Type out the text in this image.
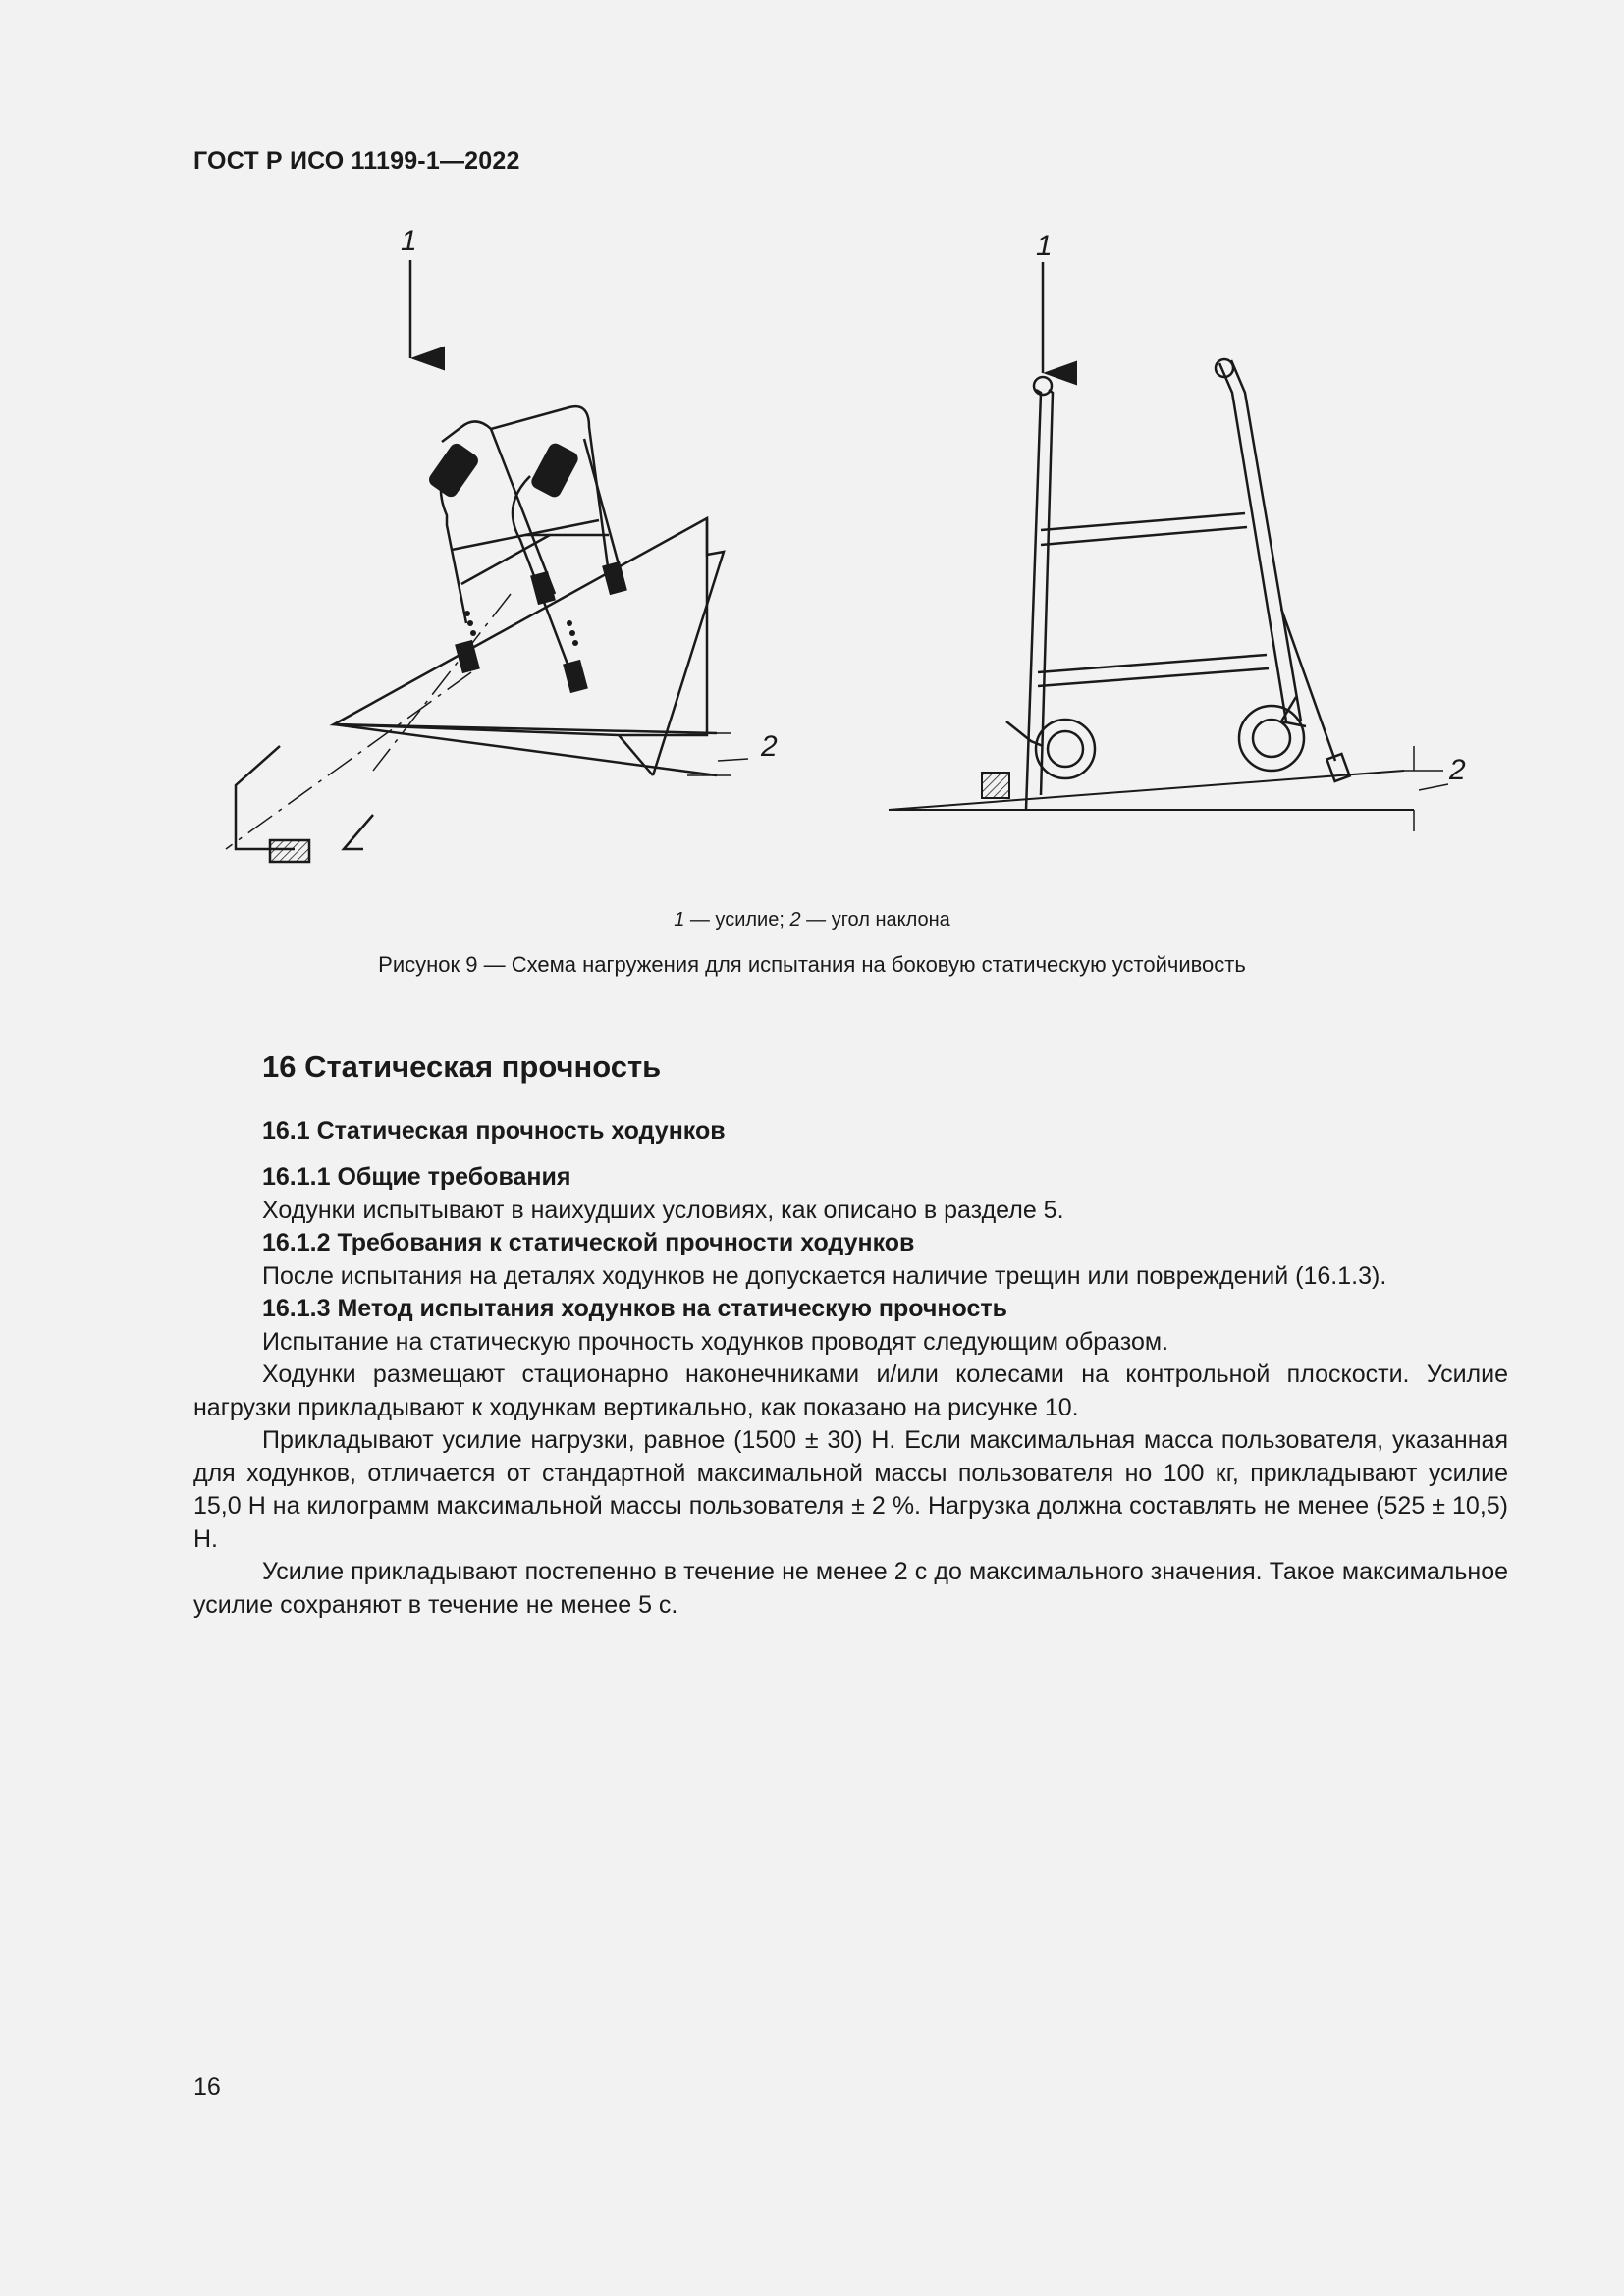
ГОСТ Р ИСО 11199-1—2022
1
2
1
2
1 — усилие; 2 — угол наклона
Рисунок 9 — Схема нагружения для испытания на боковую статическую устойчивость
16 Статическая прочность
16.1 Статическая прочность ходунков
16.1.1 Общие требования
Ходунки испытывают в наихудших условиях, как описано в разделе 5.
16.1.2 Требования к статической прочности ходунков
После испытания на деталях ходунков не допускается наличие трещин или повреждений (16.1.3).
16.1.3 Метод испытания ходунков на статическую прочность
Испытание на статическую прочность ходунков проводят следующим образом.
Ходунки размещают стационарно наконечниками и/или колесами на контрольной плоскости. Усилие нагрузки прикладывают к ходункам вертикально, как показано на рисунке 10.
Прикладывают усилие нагрузки, равное (1500 ± 30) Н. Если максимальная масса пользователя, указанная для ходунков, отличается от стандартной максимальной массы пользователя но 100 кг, прикладывают усилие 15,0 Н на килограмм максимальной массы пользователя ± 2 %. Нагрузка должна составлять не менее (525 ± 10,5) Н.
Усилие прикладывают постепенно в течение не менее 2 с до максимального значения. Такое максимальное усилие сохраняют в течение не менее 5 с.
16
